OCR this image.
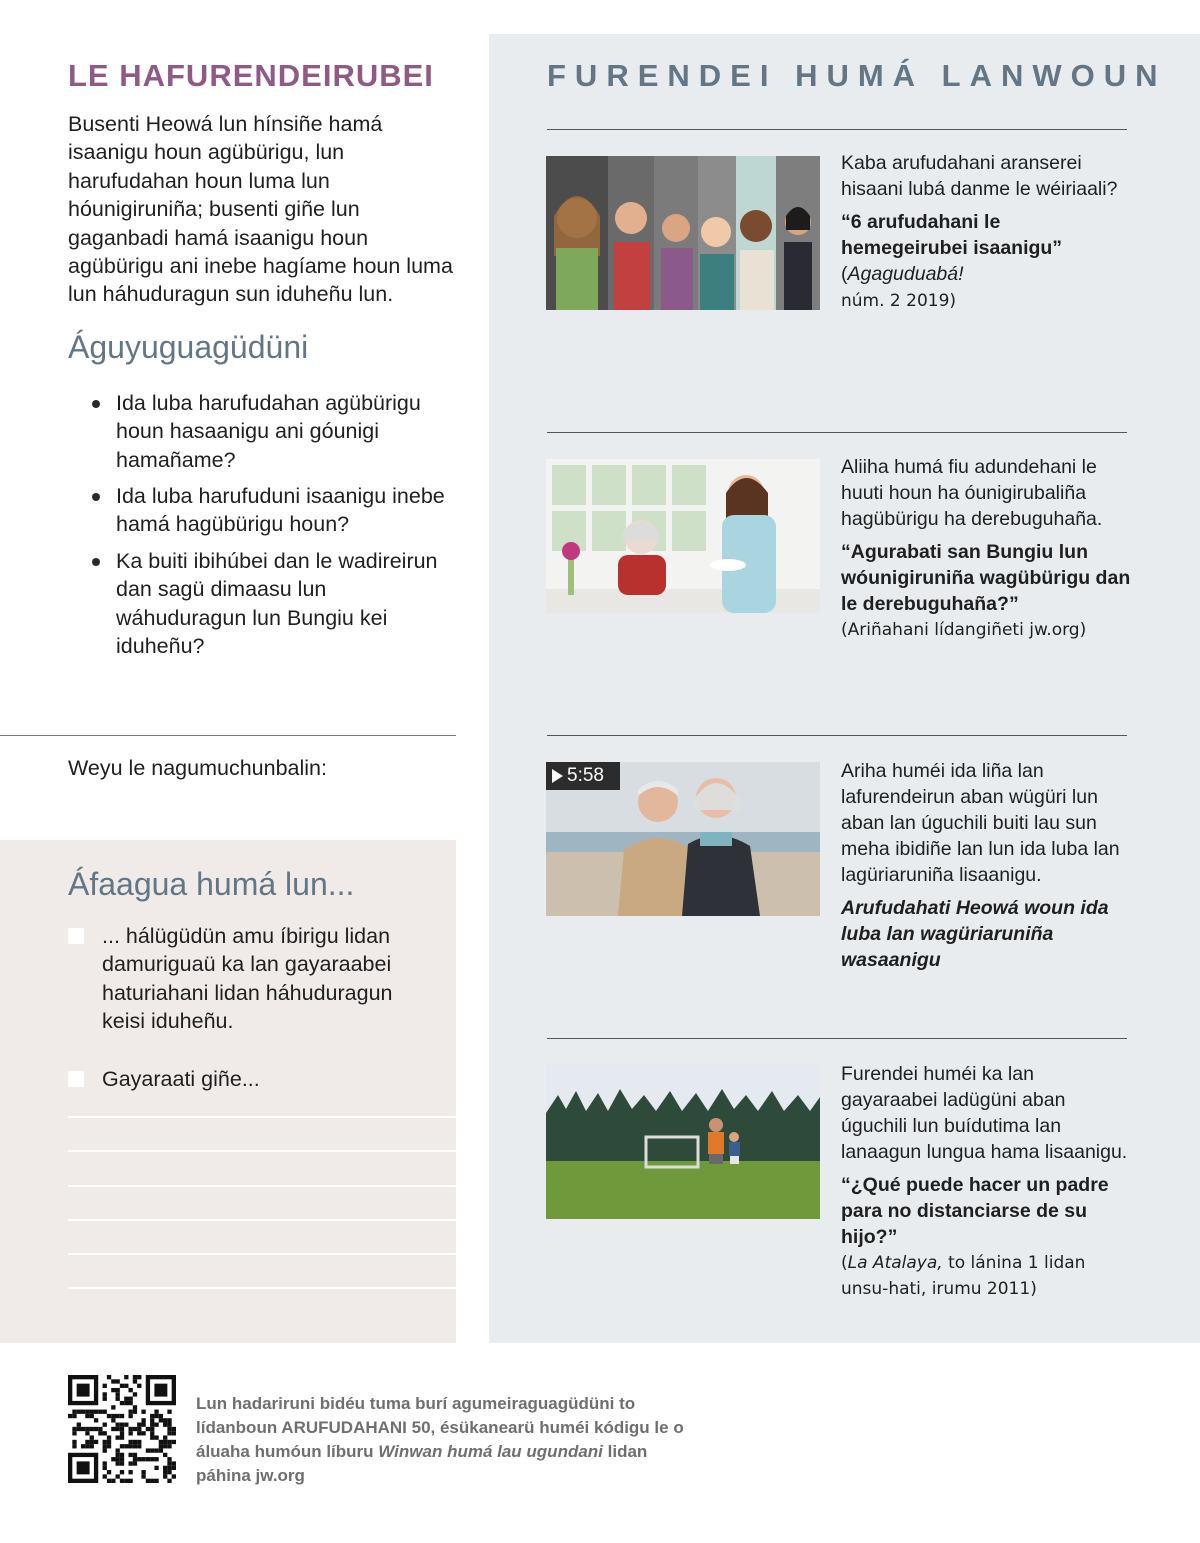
LE HAFURENDEIRUBEI

Busenti Heowá lun hínsiñe hamá isaanigu houn agübürigu, lun harufudahan houn luma lun hóunigiruniña; busenti giñe lun gaganbadi hamá isaanigu houn agübürigu ani inebe hagíame houn luma lun háhuduragun sun iduheñu lun.

Águyuguagüdüni
Ida luba harufudahan agübürigu houn hasaanigu ani góunigi hamañame?
Ida luba harufuduni isaanigu inebe hamá hagübürigu houn?
Ka buiti ibihúbei dan le wadireirun dan sagü dimaasu lun wáhuduragun lun Bungiu kei iduheñu?
Weyu le nagumuchunbalin:
Áfaagua humá lun...
... hálügüdün amu íbirigu lidan damuriguaü ka lan gayaraabei haturiahani lidan háhuduragun keisi iduheñu.
Gayaraati giñe...
FURENDEI HUMÁ LANWOUN

Kaba arufudahani aranserei hisaani lubá danme le wéiriaali?

“6 arufudahani le hemegeirubei isaanigu” (Agaguduabá!
núm. 2 2019)

Aliiha humá fiu adundehani le huuti houn ha óunigirubaliña hagübürigu ha derebuguhaña.

“Agurabati san Bungiu lun wóunigiruniña wagübürigu dan le derebuguhaña?”

(Ariñahani lídangiñeti jw.org)

5:58	Ariha huméi ida liña lan lafurendeirun aban wügüri lun aban lan úguchili buiti lau sun meha ibidiñe lan lun ida luba lan lagüriaruniña lisaanigu.

Arufudahati Heowá woun ida luba lan wagüriaruniña wasaanigu

Furendei huméi ka lan gayaraabei ladügüni aban úguchili lun buídutima lan lanaagun lungua hama lisaanigu.

“¿Qué puede hacer un padre para no distanciarse de su hijo?”

(La Atalaya, to lánina 1 lidan unsu-hati, irumu 2011)

Lun hadariruni bidéu tuma burí agumeiraguagüdüni to lídanboun ARUFUDAHANI 50, ésükanearü huméi kódigu le o áluaha humóun líburu Winwan humá lau ugundani lidan páhina jw.org
